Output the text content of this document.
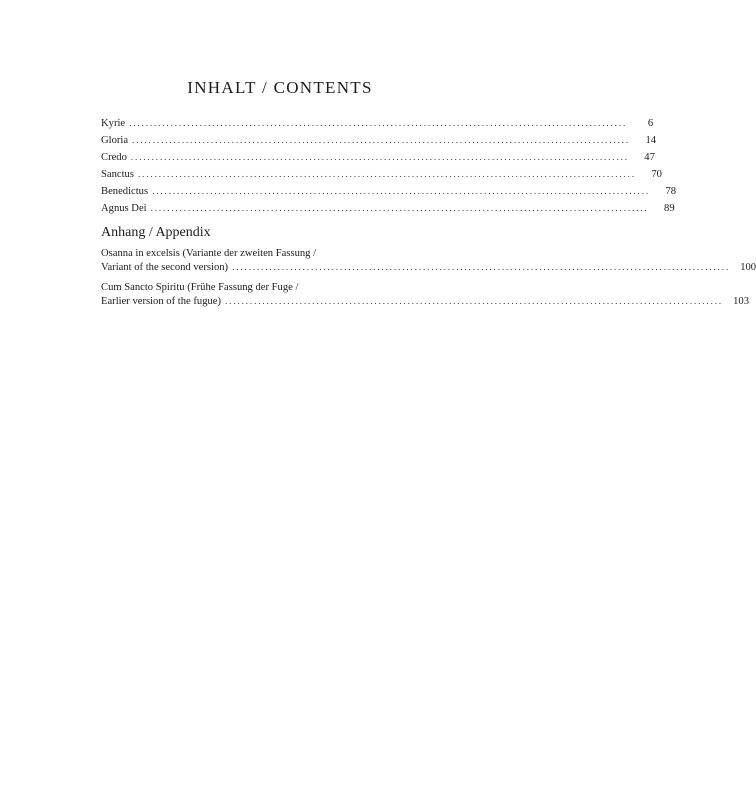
INHALT / CONTENTS
Kyrie ........................................................................................................................	6
Gloria ........................................................................................................................	14
Credo ........................................................................................................................	47
Sanctus ........................................................................................................................	70
Benedictus ........................................................................................................................	78
Agnus Dei ........................................................................................................................	89
Anhang / Appendix
Osanna in excelsis (Variante der zweiten Fassung /
Variant of the second version) ........................................................................................................................ 100
Cum Sancto Spiritu (Frühe Fassung der Fuge /
Earlier version of the fugue) ........................................................................................................................ 103
